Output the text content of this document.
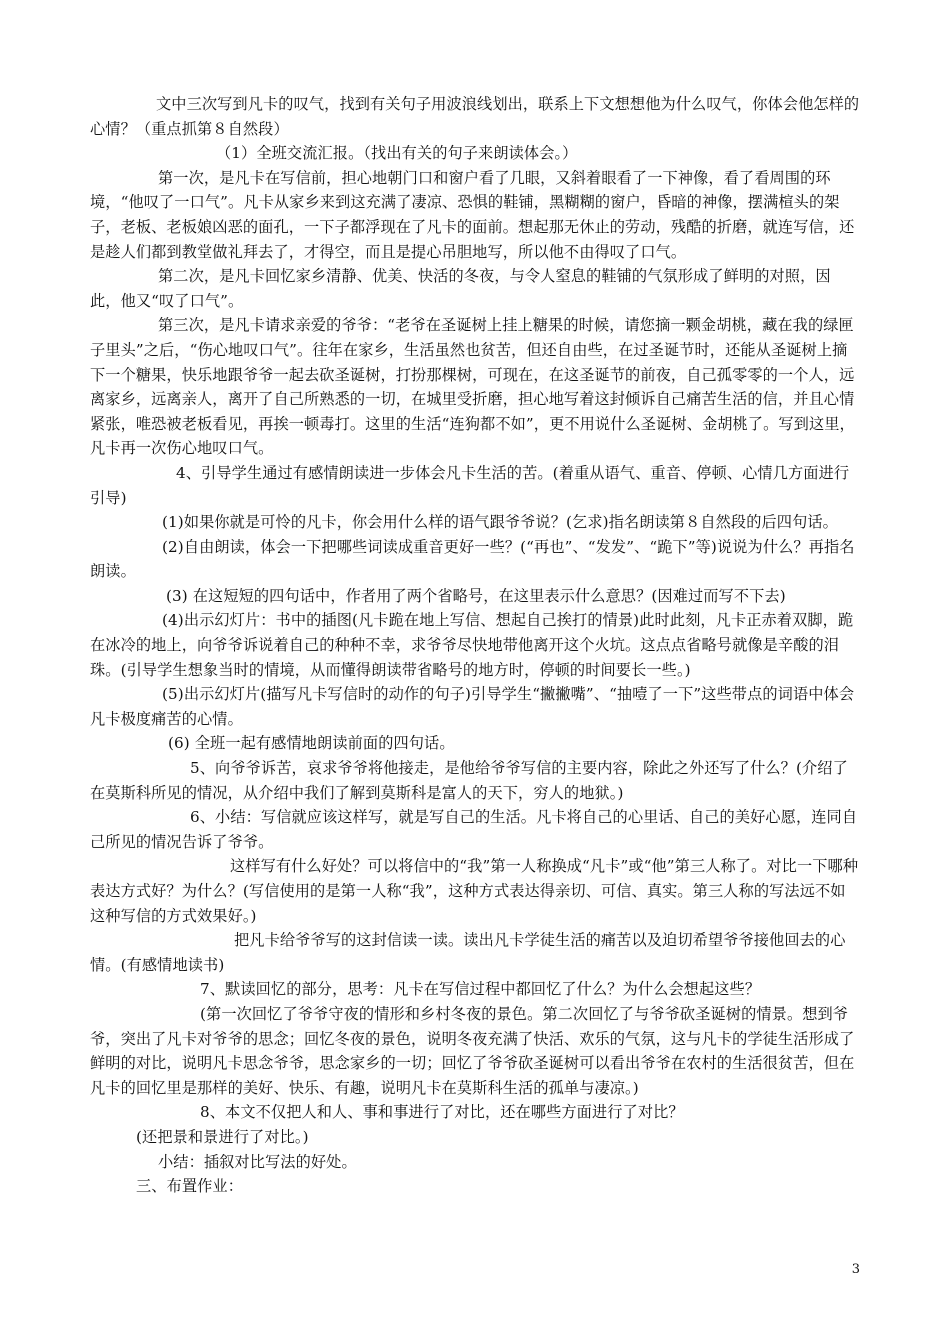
文中三次写到凡卡的叹气，找到有关句子用波浪线划出，联系上下文想想他为什么叹气，你体会他怎样的心情？（重点抓第８自然段）

（1）全班交流汇报。（找出有关的句子来朗读体会。）

第一次，是凡卡在写信前，担心地朝门口和窗户看了几眼，又斜着眼看了一下神像，看了看周围的环境，“他叹了一口气”。凡卡从家乡来到这充满了凄凉、恐惧的鞋铺，黑糊糊的窗户，昏暗的神像，摆满楦头的架子，老板、老板娘凶恶的面孔，一下子都浮现在了凡卡的面前。想起那无休止的劳动，残酷的折磨，就连写信，还是趁人们都到教堂做礼拜去了，才得空，而且是提心吊胆地写，所以他不由得叹了口气。

第二次，是凡卡回忆家乡清静、优美、快活的冬夜，与令人窒息的鞋铺的气氛形成了鲜明的对照，因此，他又“叹了口气”。

第三次，是凡卡请求亲爱的爷爷：“老爷在圣诞树上挂上糖果的时候，请您摘一颗金胡桃，藏在我的绿匣子里头”之后，“伤心地叹口气”。往年在家乡，生活虽然也贫苦，但还自由些，在过圣诞节时，还能从圣诞树上摘下一个糖果，快乐地跟爷爷一起去砍圣诞树，打扮那棵树，可现在，在这圣诞节的前夜，自己孤零零的一个人，远离家乡，远离亲人，离开了自己所熟悉的一切，在城里受折磨，担心地写着这封倾诉自己痛苦生活的信，并且心情紧张，唯恐被老板看见，再挨一顿毒打。这里的生活“连狗都不如”，更不用说什么圣诞树、金胡桃了。写到这里，凡卡再一次伤心地叹口气。

4、引导学生通过有感情朗读进一步体会凡卡生活的苦。(着重从语气、重音、停顿、心情几方面进行引导)

(1)如果你就是可怜的凡卡，你会用什么样的语气跟爷爷说？(乞求)指名朗读第８自然段的后四句话。

(2)自由朗读，体会一下把哪些词读成重音更好一些？(“再也”、“发发”、“跪下”等)说说为什么？再指名朗读。

(3) 在这短短的四句话中，作者用了两个省略号，在这里表示什么意思？(因难过而写不下去)

(4)出示幻灯片：书中的插图(凡卡跪在地上写信、想起自己挨打的情景)此时此刻，凡卡正赤着双脚，跪在冰冷的地上，向爷爷诉说着自己的种种不幸，求爷爷尽快地带他离开这个火坑。这点点省略号就像是辛酸的泪珠。(引导学生想象当时的情境，从而懂得朗读带省略号的地方时，停顿的时间要长一些。)

(5)出示幻灯片(描写凡卡写信时的动作的句子)引导学生“撇撇嘴”、“抽噎了一下”这些带点的词语中体会凡卡极度痛苦的心情。

(6) 全班一起有感情地朗读前面的四句话。

5、向爷爷诉苦，哀求爷爷将他接走，是他给爷爷写信的主要内容，除此之外还写了什么？(介绍了在莫斯科所见的情况，从介绍中我们了解到莫斯科是富人的天下，穷人的地狱。)

6、小结：写信就应该这样写，就是写自己的生活。凡卡将自己的心里话、自己的美好心愿，连同自己所见的情况告诉了爷爷。

这样写有什么好处？可以将信中的“我”第一人称换成“凡卡”或“他”第三人称了。对比一下哪种表达方式好？为什么？(写信使用的是第一人称“我”，这种方式表达得亲切、可信、真实。第三人称的写法远不如这种写信的方式效果好。)

把凡卡给爷爷写的这封信读一读。读出凡卡学徒生活的痛苦以及迫切希望爷爷接他回去的心情。(有感情地读书)

7、默读回忆的部分，思考：凡卡在写信过程中都回忆了什么？为什么会想起这些？

(第一次回忆了爷爷守夜的情形和乡村冬夜的景色。第二次回忆了与爷爷砍圣诞树的情景。想到爷爷，突出了凡卡对爷爷的思念；回忆冬夜的景色，说明冬夜充满了快活、欢乐的气氛，这与凡卡的学徒生活形成了鲜明的对比，说明凡卡思念爷爷，思念家乡的一切；回忆了爷爷砍圣诞树可以看出爷爷在农村的生活很贫苦，但在凡卡的回忆里是那样的美好、快乐、有趣，说明凡卡在莫斯科生活的孤单与凄凉。)

8、本文不仅把人和人、事和事进行了对比，还在哪些方面进行了对比？

(还把景和景进行了对比。)

小结：插叙对比写法的好处。

三、布置作业：

3
